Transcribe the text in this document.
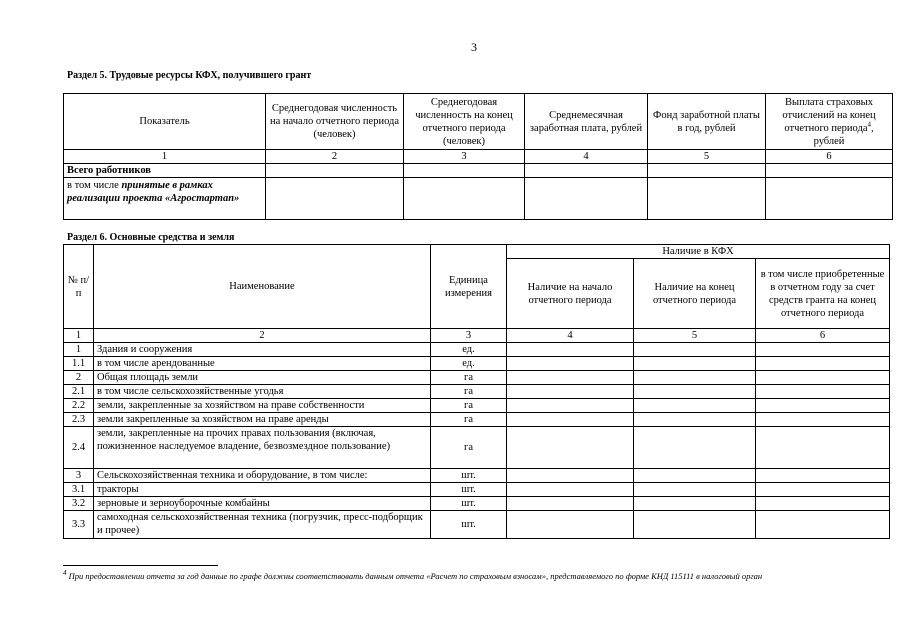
3
Раздел 5. Трудовые ресурсы КФХ, получившего грант
Показатель	Среднегодовая численность на начало отчетного периода (человек)	Среднегодовая численность на конец отчетного периода (человек)	Среднемесячная заработная плата, рублей	Фонд заработной платы в год, рублей	Выплата страховых отчислений на конец отчетного периода$^4$, рублей
1	2	3	4	5	6
Всего работников					
в том числе принятые в рамках реализации проекта «Агростартап»					
Раздел 6. Основные средства и земля
№ п/п	Наименование	Единица измерения	Наличие в КФХ		
			Наличие на начало отчетного периода	Наличие на конец отчетного периода	в том числе приобретенные в отчетном году за счет средств гранта на конец отчетного периода
1	2	3	4	5	6
1	Здания и сооружения	ед.			
1.1	в том числе арендованные	ед.			
2	Общая площадь земли	га			
2.1	в том числе сельскохозяйственные угодья	га			
2.2	земли, закрепленные за хозяйством на праве собственности	га			
2.3	земли закрепленные за хозяйством на праве аренды	га			
2.4	земли, закрепленные на прочих правах пользования (включая, пожизненное наследуемое владение, безвозмездное пользование)	га			
3	Сельскохозяйственная техника и оборудование, в том числе:	шт.			
3.1	тракторы	шт.			
3.2	зерновые и зерноуборочные комбайны	шт.			
3.3	самоходная сельскохозяйственная техника (погрузчик, пресс-подборщик и прочее)	шт.			
$^4$ При предоставлении отчета за год данные по графе должны соответствовать данным отчета «Расчет по страховым взносам», представляемого по форме КНД 115111 в налоговый орган
